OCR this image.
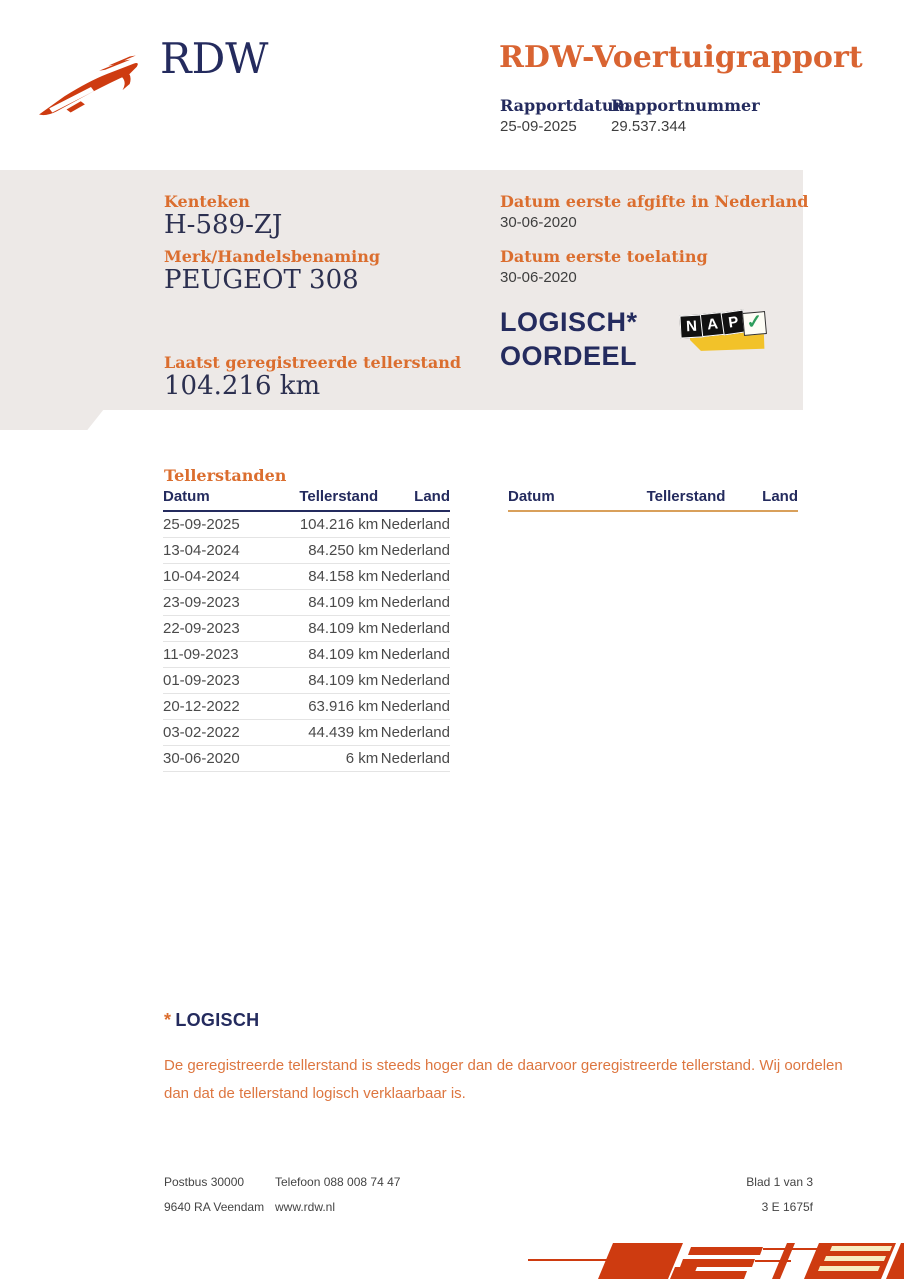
RDW	RDW-Voertuigrapport
Rapportdatum
Rapportnummer
25-09-2025 29.537.344
Kenteken
H-589-ZJ
Merk/Handelsbenaming
PEUGEOT 308
Laatst geregistreerde tellerstand
104.216 km
Datum eerste afgifte in Nederland
30-06-2020
Datum eerste toelating
30-06-2020
LOGISCH*
OORDEEL
N A P ✓
Tellerstanden
Datum	Tellerstand	Land
25-09-2025	104.216 km	Nederland
13-04-2024	84.250 km	Nederland
10-04-2024	84.158 km	Nederland
23-09-2023	84.109 km	Nederland
22-09-2023	84.109 km	Nederland
11-09-2023	84.109 km	Nederland
01-09-2023	84.109 km	Nederland
20-12-2022	63.916 km	Nederland
03-02-2022	44.439 km	Nederland
30-06-2020	6 km	Nederland
Datum	Tellerstand	Land
* LOGISCH

De geregistreerde tellerstand is steeds hoger dan de daarvoor geregistreerde tellerstand. Wij oordelen dan dat de tellerstand logisch verklaarbaar is.

Postbus 30000
9640 RA Veendam
Telefoon 088 008 74 47
www.rdw.nl
Blad 1 van 3
3 E 1675f
